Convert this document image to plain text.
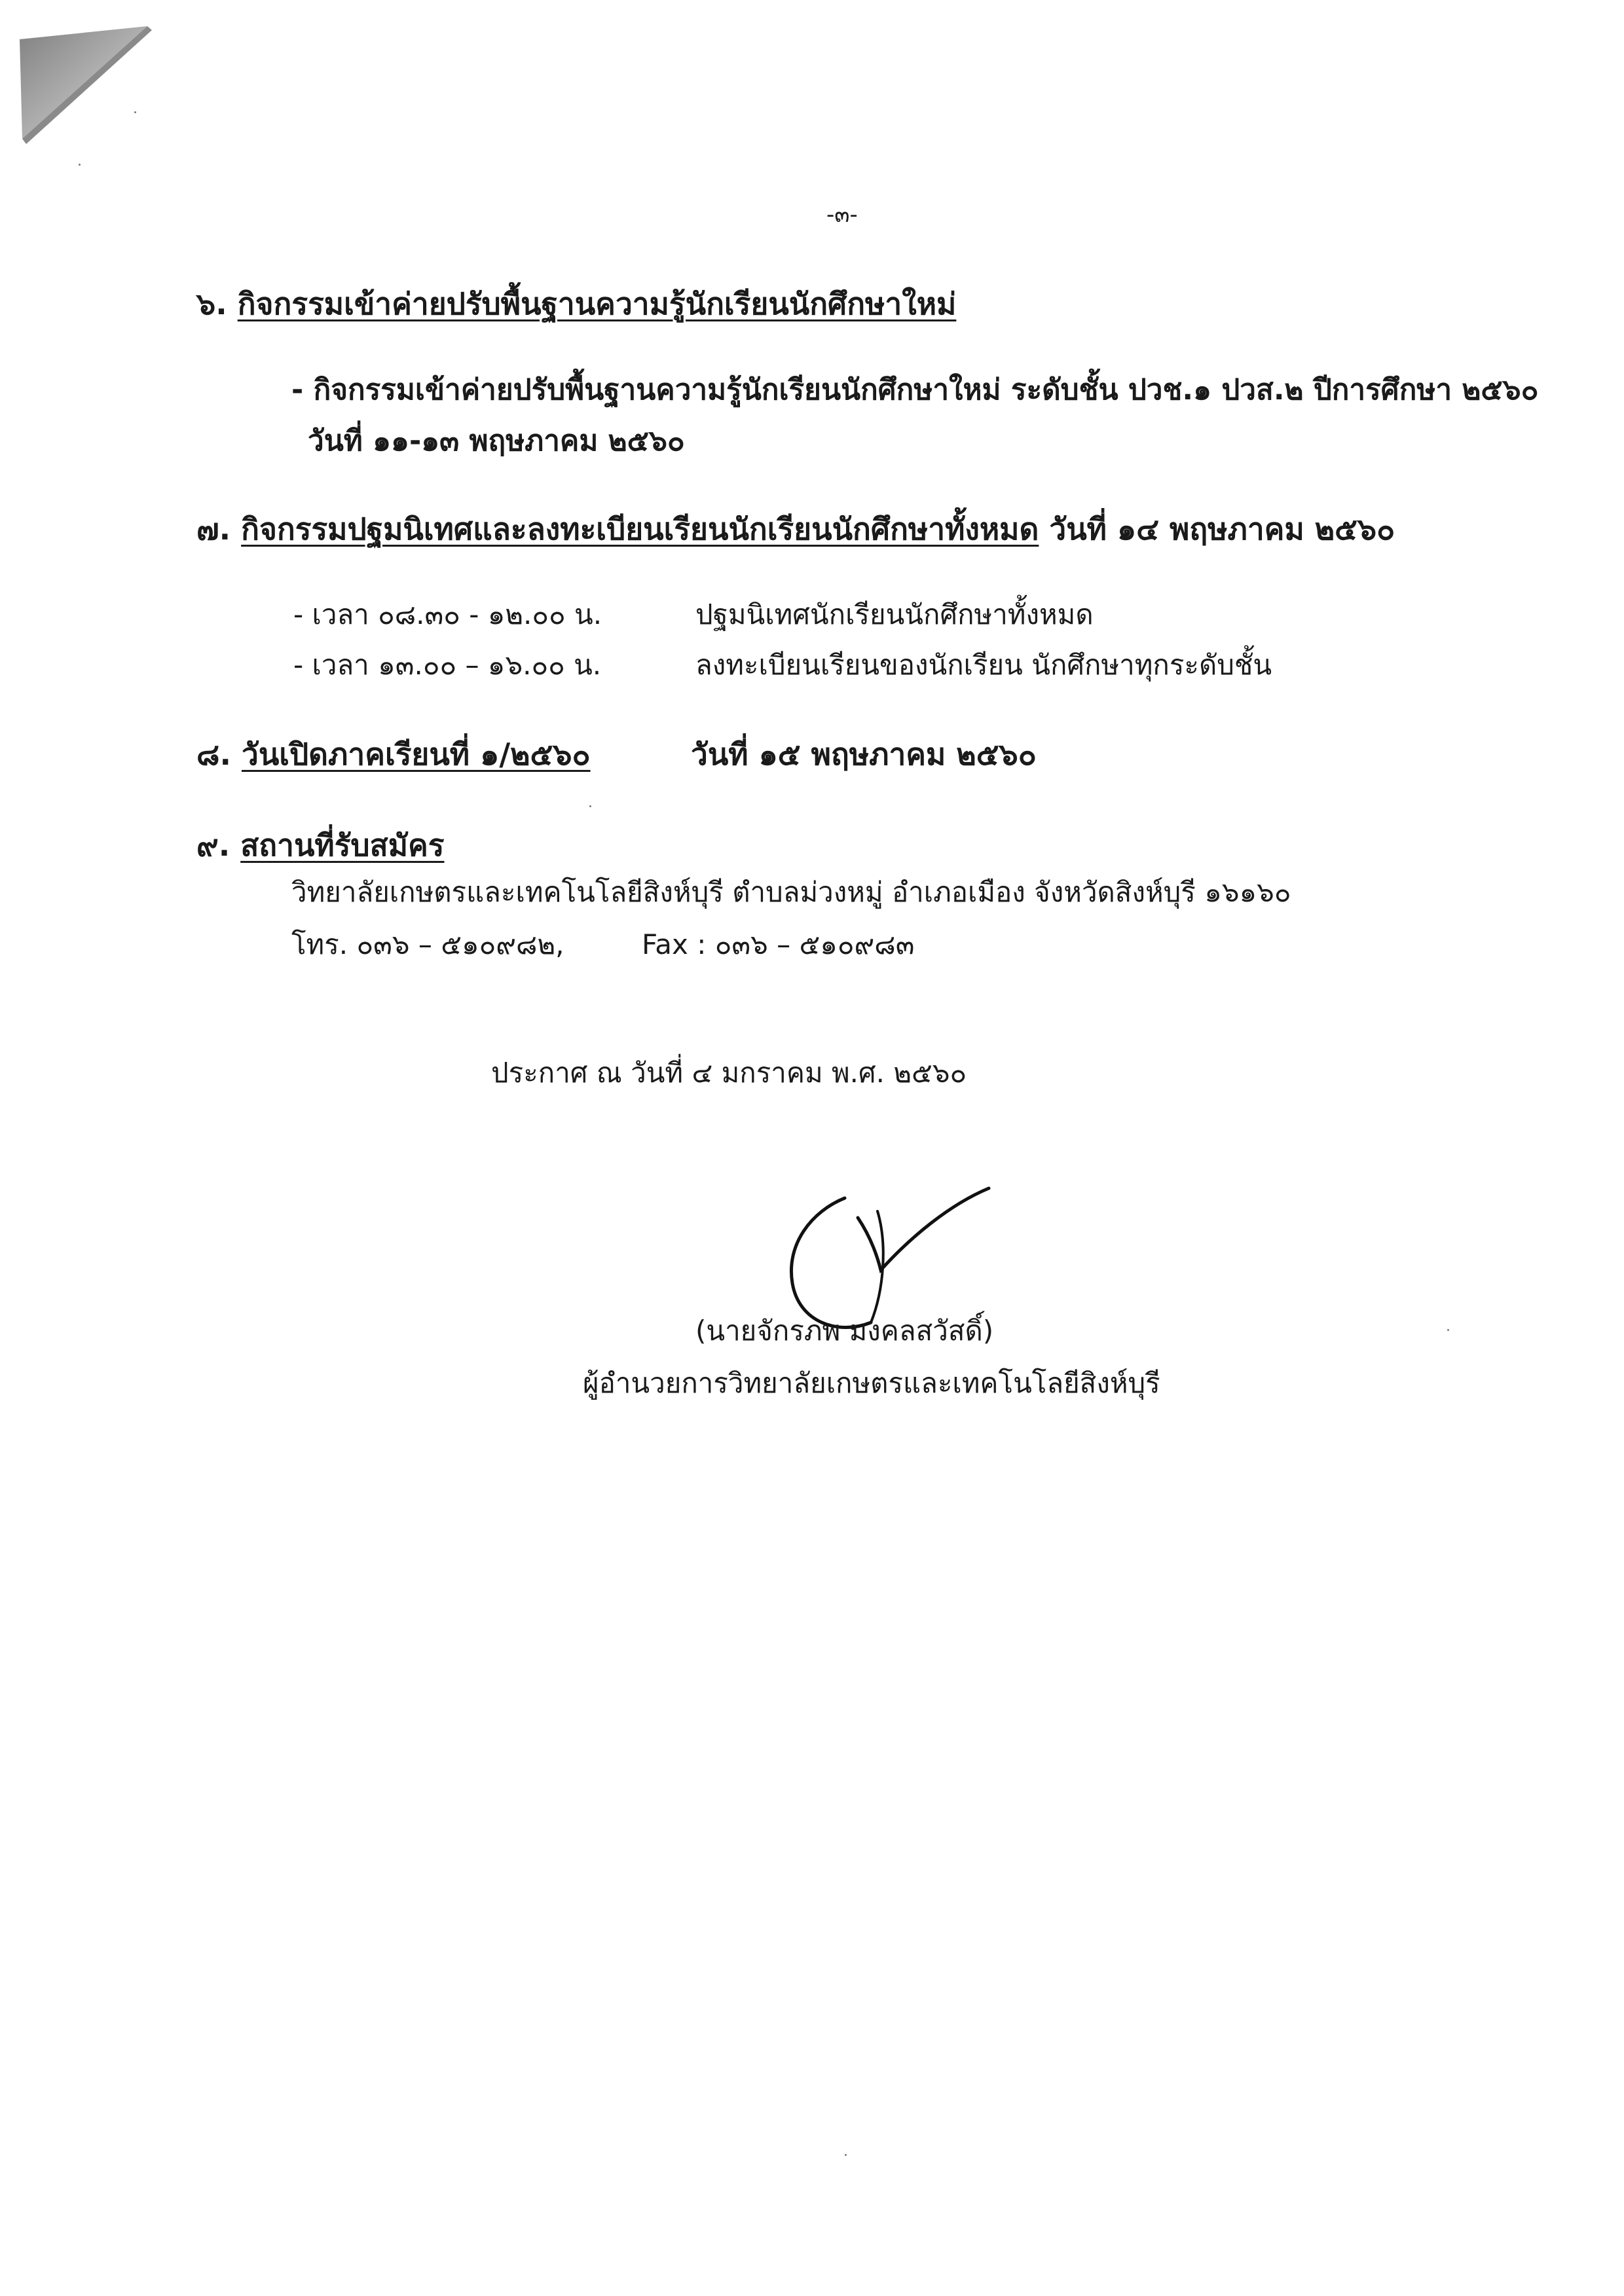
-๓-
๖. กิจกรรมเข้าค่ายปรับพื้นฐานความรู้นักเรียนนักศึกษาใหม่
- กิจกรรมเข้าค่ายปรับพื้นฐานความรู้นักเรียนนักศึกษาใหม่ ระดับชั้น ปวช.๑ ปวส.๒ ปีการศึกษา ๒๕๖๐
วันที่ ๑๑-๑๓ พฤษภาคม ๒๕๖๐
๗. กิจกรรมปฐมนิเทศและลงทะเบียนเรียนนักเรียนนักศึกษาทั้งหมด วันที่ ๑๔ พฤษภาคม ๒๕๖๐
- เวลา ๐๘.๓๐ - ๑๒.๐๐ น.	ปฐมนิเทศนักเรียนนักศึกษาทั้งหมด
- เวลา ๑๓.๐๐ – ๑๖.๐๐ น.	ลงทะเบียนเรียนของนักเรียน นักศึกษาทุกระดับชั้น
๘. วันเปิดภาคเรียนที่ ๑/๒๕๖๐	วันที่ ๑๕ พฤษภาคม ๒๕๖๐
๙. สถานที่รับสมัคร
วิทยาลัยเกษตรและเทคโนโลยีสิงห์บุรี ตำบลม่วงหมู่ อำเภอเมือง จังหวัดสิงห์บุรี ๑๖๑๖๐
โทร. ๐๓๖ – ๕๑๐๙๘๒,	Fax : ๐๓๖ – ๕๑๐๙๘๓
ประกาศ ณ วันที่ ๔ มกราคม พ.ศ. ๒๕๖๐
(นายจักรภพ มงคลสวัสดิ์)
ผู้อำนวยการวิทยาลัยเกษตรและเทคโนโลยีสิงห์บุรี
